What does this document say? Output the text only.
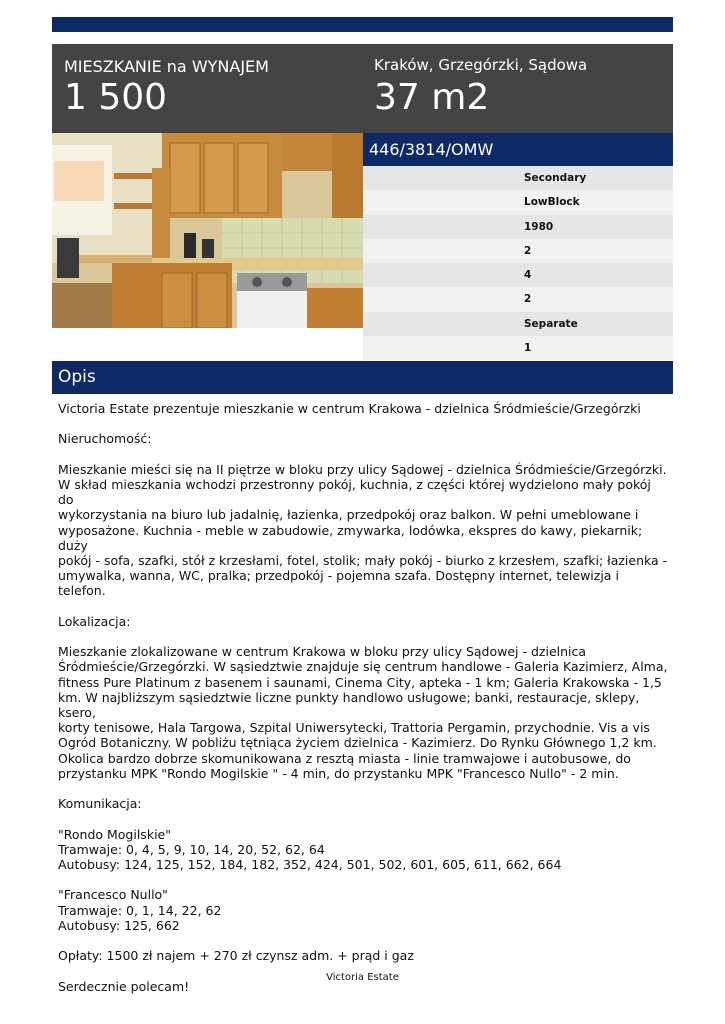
MIESZKANIE na WYNAJEM
1 500
Kraków, Grzegórzki, Sądowa
37 m2
446/3814/OMW
Secondary
LowBlock
1980
2
4
2
Separate
1
Opis

Victoria Estate prezentuje mieszkanie w centrum Krakowa - dzielnica Śródmieście/Grzegórzki

Nieruchomość:

Mieszkanie mieści się na II piętrze w bloku przy ulicy Sądowej - dzielnica Śródmieście/Grzegórzki.

W skład mieszkania wchodzi przestronny pokój, kuchnia, z części której wydzielono mały pokój do

wykorzystania na biuro lub jadalnię, łazienka, przedpokój oraz balkon. W pełni umeblowane i

wyposażone. Kuchnia - meble w zabudowie, zmywarka, lodówka, ekspres do kawy, piekarnik; duży

pokój - sofa, szafki, stół z krzesłami, fotel, stolik; mały pokój - biurko z krzesłem, szafki; łazienka -

umywalka, wanna, WC, pralka; przedpokój - pojemna szafa. Dostępny internet, telewizja i telefon.

Lokalizacja:

Mieszkanie zlokalizowane w centrum Krakowa w bloku przy ulicy Sądowej - dzielnica

Śródmieście/Grzegórzki. W sąsiedztwie znajduje się centrum handlowe - Galeria Kazimierz, Alma,

fitness Pure Platinum z basenem i saunami, Cinema City, apteka - 1 km; Galeria Krakowska - 1,5

km. W najbliższym sąsiedztwie liczne punkty handlowo usługowe; banki, restauracje, sklepy, ksero,

korty tenisowe, Hala Targowa, Szpital Uniwersytecki, Trattoria Pergamin, przychodnie. Vis a vis

Ogród Botaniczny. W pobliżu tętniąca życiem dzielnica - Kazimierz. Do Rynku Głównego 1,2 km.

Okolica bardzo dobrze skomunikowana z resztą miasta - linie tramwajowe i autobusowe, do

przystanku MPK "Rondo Mogilskie " - 4 min, do przystanku MPK "Francesco Nullo" - 2 min.

Komunikacja:

"Rondo Mogilskie"

Tramwaje: 0, 4, 5, 9, 10, 14, 20, 52, 62, 64

Autobusy: 124, 125, 152, 184, 182, 352, 424, 501, 502, 601, 605, 611, 662, 664

"Francesco Nullo"

Tramwaje: 0, 1, 14, 22, 62

Autobusy: 125, 662

Opłaty: 1500 zł najem + 270 zł czynsz adm. + prąd i gaz

Serdecznie polecam!

Victoria Estate
